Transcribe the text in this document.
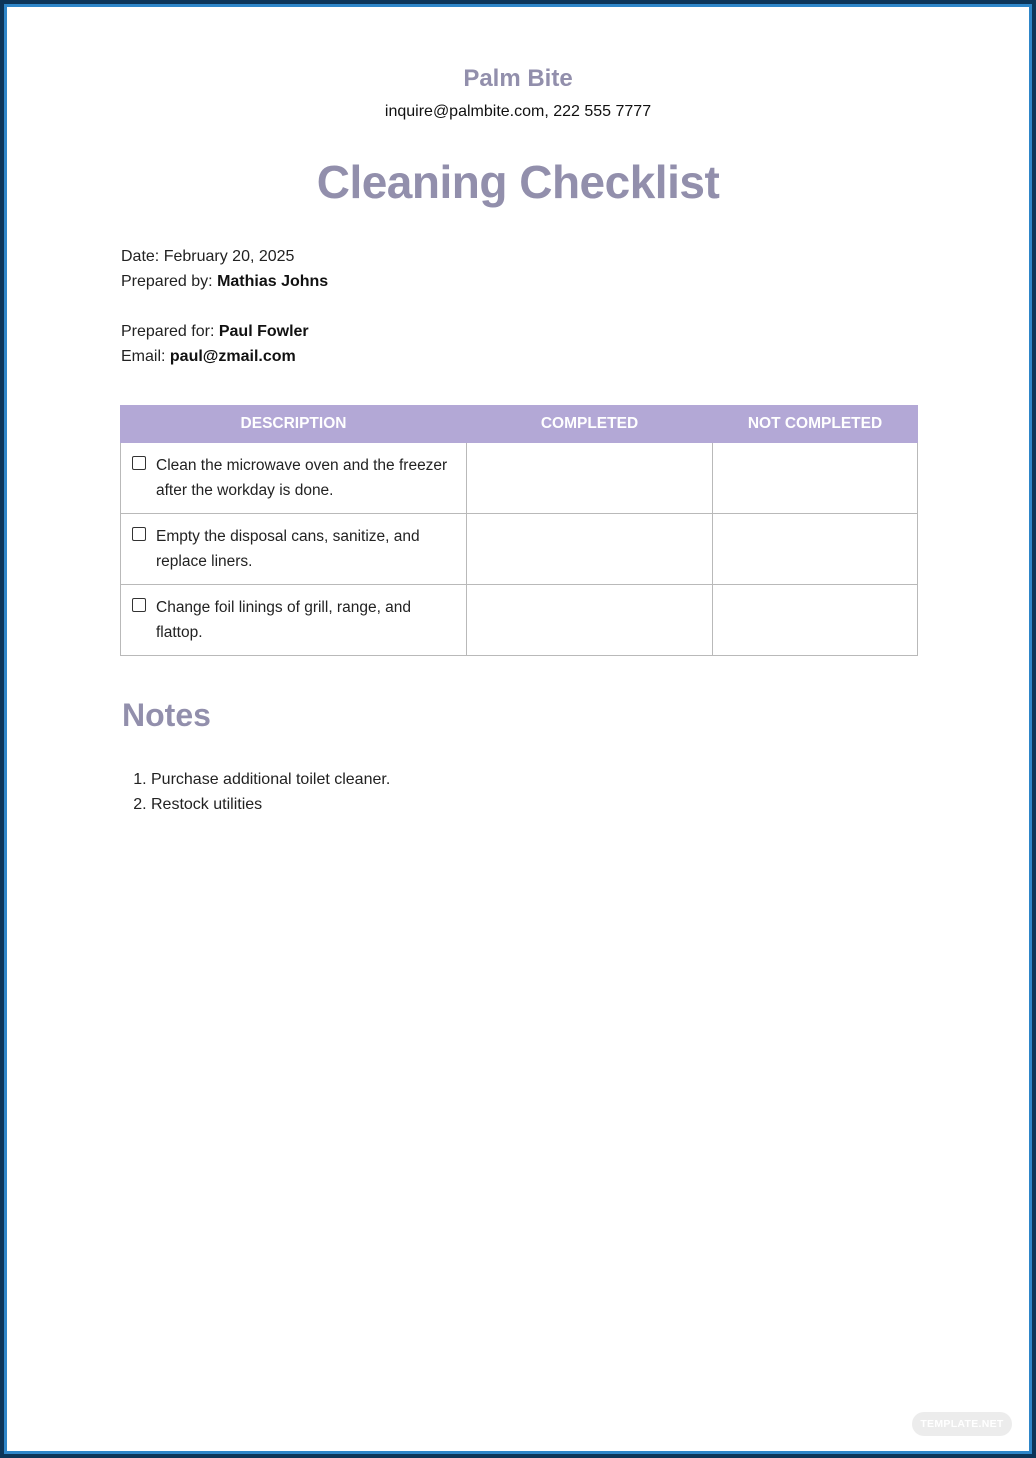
Palm Bite
inquire@palmbite.com, 222 555 7777
Cleaning Checklist
Date: February 20, 2025
Prepared by: Mathias Johns
Prepared for: Paul Fowler
Email: paul@zmail.com
DESCRIPTION	COMPLETED	NOT COMPLETED

Clean the microwave oven and the freezer after the workday is done.		

Empty the disposal cans, sanitize, and replace liners.		

Change foil linings of grill, range, and flattop.		

Notes
1. Purchase additional toilet cleaner.
2. Restock utilities
TEMPLATE.NET
